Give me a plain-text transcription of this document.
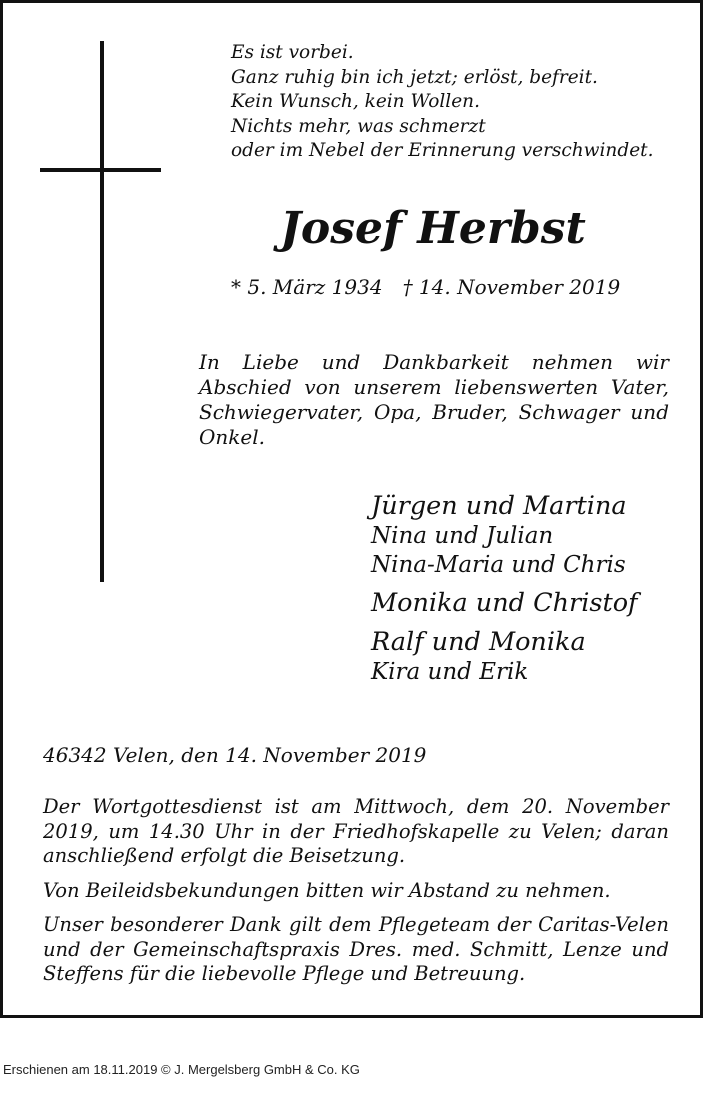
Es ist vorbei.
Ganz ruhig bin ich jetzt; erlöst, befreit.
Kein Wunsch, kein Wollen.
Nichts mehr, was schmerzt
oder im Nebel der Erinnerung verschwindet.
Josef Herbst
* 5. März 1934 † 14. November 2019

In Liebe und Dankbarkeit nehmen wir Abschied von unserem liebenswerten Vater, Schwiegervater, Opa, Bruder, Schwager und Onkel.

Jürgen und Martina
Nina und Julian
Nina-Maria und Chris
Monika und Christof
Ralf und Monika
Kira und Erik
46342 Velen, den 14. November 2019

Der Wortgottesdienst ist am Mittwoch, dem 20. November 2019, um 14.30 Uhr in der Friedhofskapelle zu Velen; daran anschließend erfolgt die Beisetzung.

Von Beileidsbekundungen bitten wir Abstand zu nehmen.

Unser besonderer Dank gilt dem Pflegeteam der Caritas-Velen und der Gemeinschaftspraxis Dres. med. Schmitt, Lenze und Steffens für die liebevolle Pflege und Betreuung.

Erschienen am 18.11.2019 © J. Mergelsberg GmbH & Co. KG
